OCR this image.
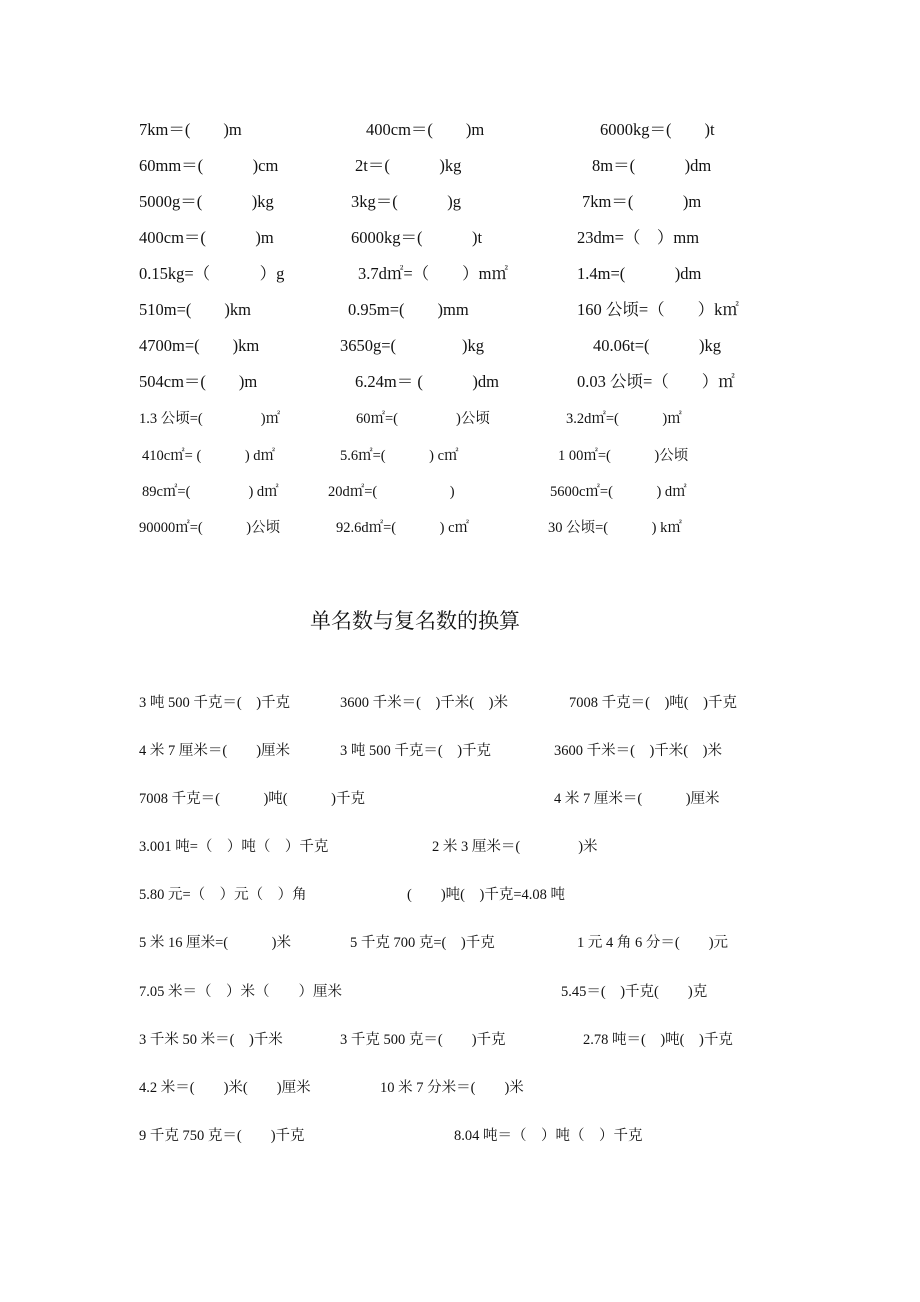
7km＝(　　)m	400cm＝(　　)m	6000kg＝(　　)t
60mm＝(　　　)cm	2t＝(　　　)kg	8m＝(　　　)dm
5000g＝(　　　)kg	3kg＝(　　　)g	7km＝(　　　)m
400cm＝(　　　)m	6000kg＝(　　　)t	23dm=（　）mm
0.15kg=（　　　）g	3.7d㎡=（　　）m㎡	1.4m=(　　　)dm
510m=(　　)km	0.95m=(　　)mm	160 公顷=（　　）k㎡
4700m=(　　)km	3650g=(　　　　)kg	40.06t=(　　　)kg
504cm＝(　　)m	6.24m＝ (　　　)dm	0.03 公顷=（　　）㎡
1.3 公顷=(　　　　)㎡	60㎡=(　　　　)公顷	3.2d㎡=(　　　)㎡
410c㎡= (　　　) d㎡	5.6㎡=(　　　) c㎡	1 00㎡=(　　　)公顷
89c㎡=(　　　　) d㎡	20d㎡=(　　　　　)	5600c㎡=(　　　) d㎡
90000㎡=(　　　)公顷	92.6d㎡=(　　　) c㎡	30 公顷=(　　　) k㎡
单名数与复名数的换算
3 吨 500 千克＝(　)千克	3600 千米＝(　)千米(　)米	7008 千克＝(　)吨(　)千克
4 米 7 厘米＝(　　)厘米	3 吨 500 千克＝(　)千克	3600 千米＝(　)千米(　)米
7008 千克＝(　　　)吨(　　　)千克	4 米 7 厘米＝(　　　)厘米
3.001 吨=（　）吨（　）千克	2 米 3 厘米＝(　　　　)米
5.80 元=（　）元（　）角	(　　)吨(　)千克=4.08 吨
5 米 16 厘米=(　　　)米	5 千克 700 克=(　)千克	1 元 4 角 6 分＝(　　)元
7.05 米＝（　）米（　　）厘米	5.45＝(　)千克(　　)克
3 千米 50 米＝(　)千米	3 千克 500 克＝(　　)千克	2.78 吨＝(　)吨(　)千克
4.2 米＝(　　)米(　　)厘米	10 米 7 分米＝(　　)米
9 千克 750 克＝(　　)千克	8.04 吨＝（　）吨（　）千克
